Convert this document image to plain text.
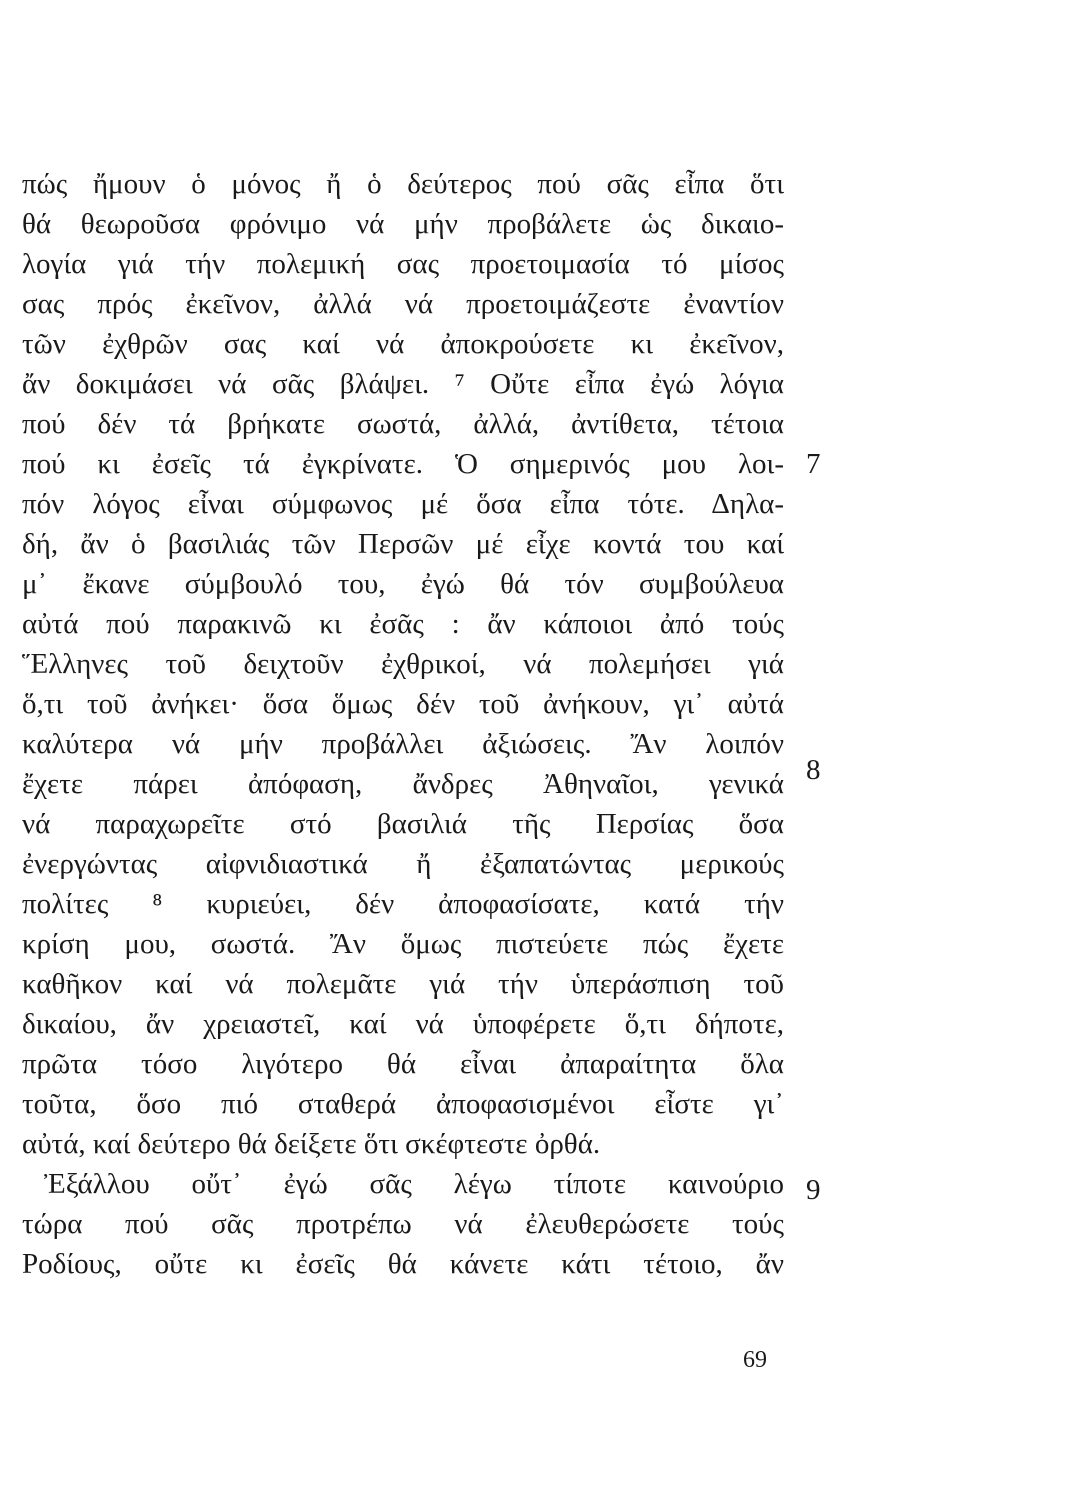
πώς ἤμουν ὁ μόνος ἤ ὁ δεύτερος πού σᾶς εἶπα ὅτι
θά θεωροῦσα φρόνιμο νά μήν προβάλετε ὡς δικαιο-
λογία γιά τήν πολεμική σας προετοιμασία τό μίσος
σας πρός ἐκεῖνον, ἀλλά νά προετοιμάζεστε ἐναντίον
τῶν ἐχθρῶν σας καί νά ἀποκρούσετε κι ἐκεῖνον,
ἄν δοκιμάσει νά σᾶς βλάψει. ⁷ Οὔτε εἶπα ἐγώ λόγια
πού δέν τά βρήκατε σωστά, ἀλλά, ἀντίθετα, τέτοια
πού κι ἐσεῖς τά ἐγκρίνατε. Ὁ σημερινός μου λοι-
πόν λόγος εἶναι σύμφωνος μέ ὅσα εἶπα τότε. Δηλα-
δή, ἄν ὁ βασιλιάς τῶν Περσῶν μέ εἶχε κοντά του καί
μ᾽ ἔκανε σύμβουλό του, ἐγώ θά τόν συμβούλευα
αὐτά πού παρακινῶ κι ἐσᾶς : ἄν κάποιοι ἀπό τούς
Ἕλληνες τοῦ δειχτοῦν ἐχθρικοί, νά πολεμήσει γιά
ὅ,τι τοῦ ἀνήκει· ὅσα ὅμως δέν τοῦ ἀνήκουν, γι᾽ αὐτά
καλύτερα νά μήν προβάλλει ἀξιώσεις. Ἄν λοιπόν
ἔχετε πάρει ἀπόφαση, ἄνδρες Ἀθηναῖοι, γενικά
νά παραχωρεῖτε στό βασιλιά τῆς Περσίας ὅσα
ἐνεργώντας αἰφνιδιαστικά ἤ ἐξαπατώντας μερικούς
πολίτες ⁸ κυριεύει, δέν ἀποφασίσατε, κατά τήν
κρίση μου, σωστά. Ἄν ὅμως πιστεύετε πώς ἔχετε
καθῆκον καί νά πολεμᾶτε γιά τήν ὑπεράσπιση τοῦ
δικαίου, ἄν χρειαστεῖ, καί νά ὑποφέρετε ὅ,τι δήποτε,
πρῶτα τόσο λιγότερο θά εἶναι ἀπαραίτητα ὅλα
τοῦτα, ὅσο πιό σταθερά ἀποφασισμένοι εἶστε γι᾽
αὐτά, καί δεύτερο θά δείξετε ὅτι σκέφτεστε ὀρθά.
Ἐξάλλου οὔτ᾽ ἐγώ σᾶς λέγω τίποτε καινούριο
τώρα πού σᾶς προτρέπω νά ἐλευθερώσετε τούς
Ροδίους, οὔτε κι ἐσεῖς θά κάνετε κάτι τέτοιο, ἄν
7
8
9
69
